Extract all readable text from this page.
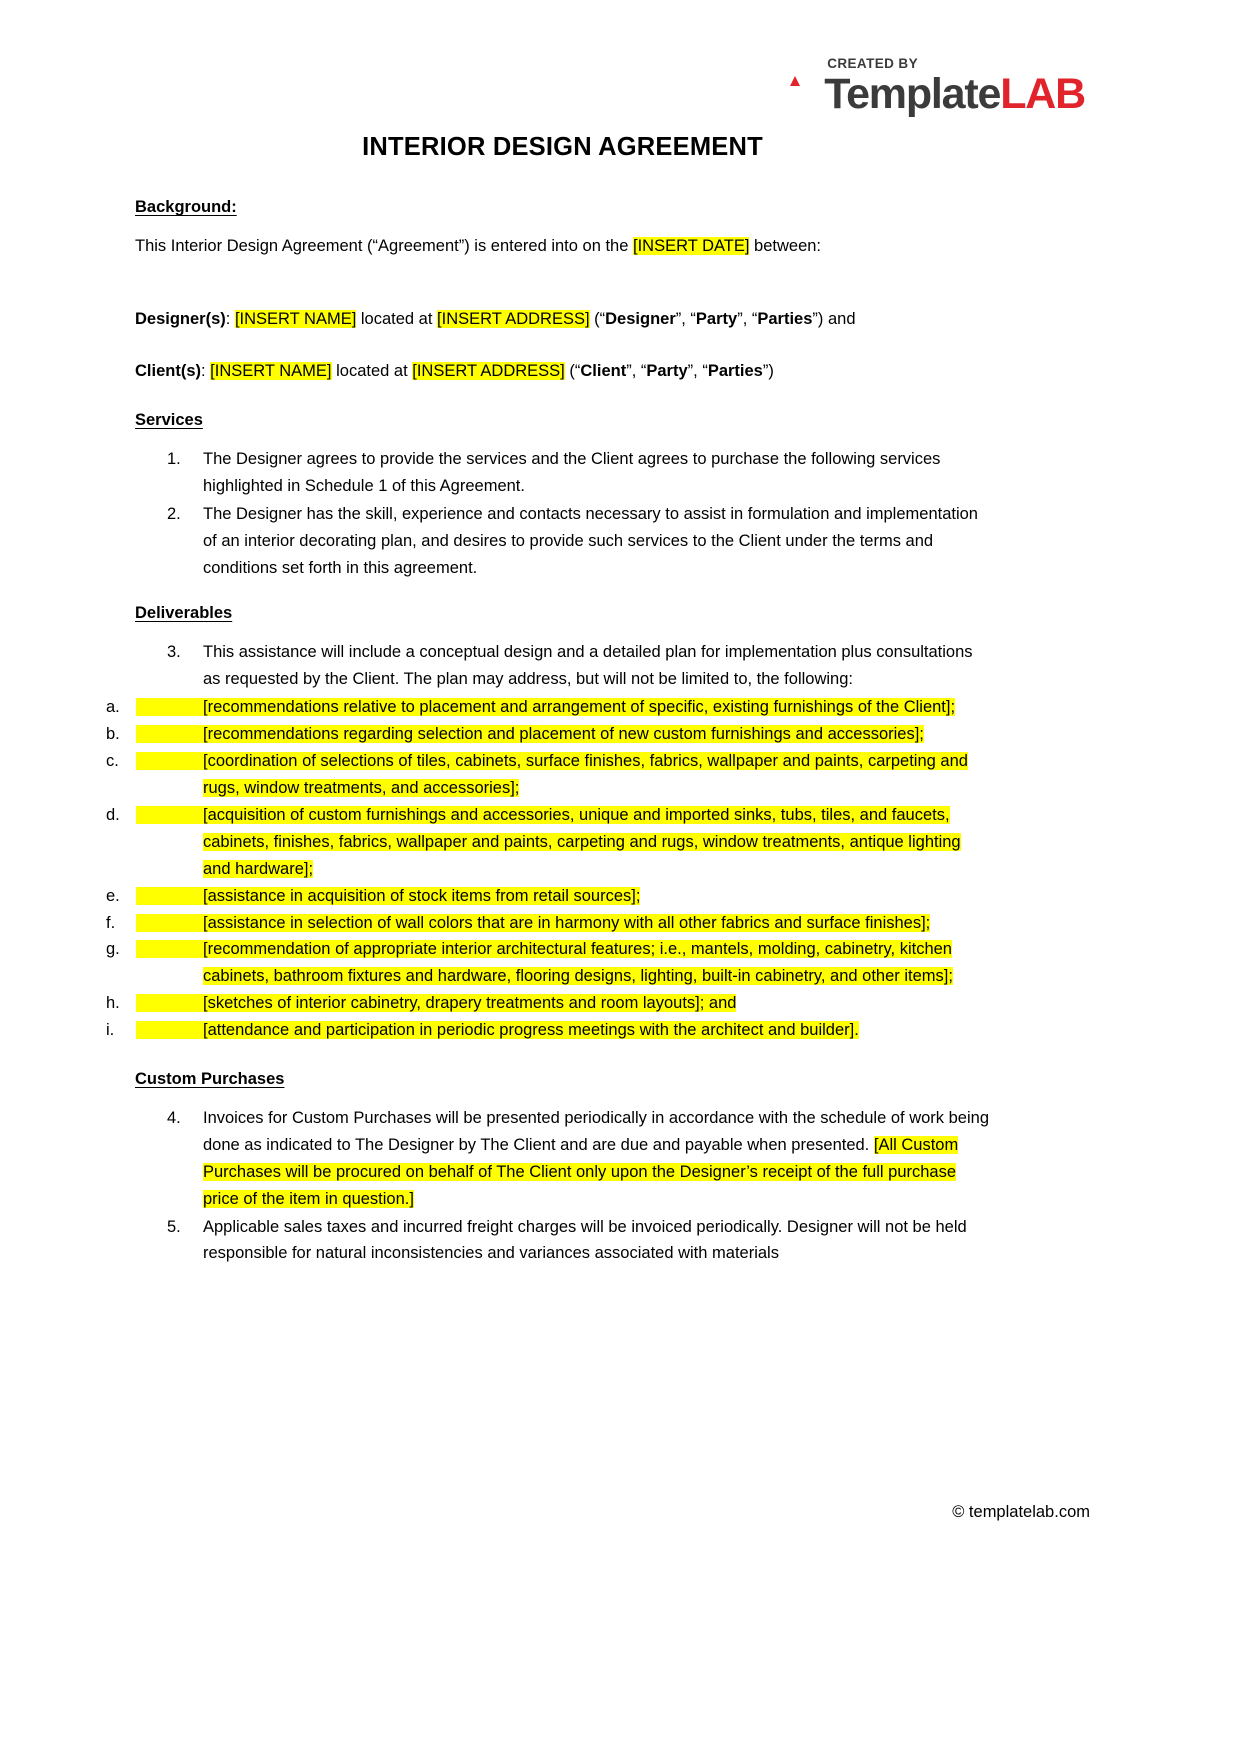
CREATED BY
TemplateLAB
INTERIOR DESIGN AGREEMENT
Background:

This Interior Design Agreement (“Agreement”) is entered into on the [INSERT DATE] between:

Designer(s): [INSERT NAME] located at [INSERT ADDRESS] (“Designer”, “Party”, “Parties”) and

Client(s): [INSERT NAME] located at [INSERT ADDRESS] (“Client”, “Party”, “Parties”)

Services
1.	The Designer agrees to provide the services and the Client agrees to purchase the following services highlighted in Schedule 1 of this Agreement.
2.	The Designer has the skill, experience and contacts necessary to assist in formulation and implementation of an interior decorating plan, and desires to provide such services to the Client under the terms and conditions set forth in this agreement.
Deliverables
3.	This assistance will include a conceptual design and a detailed plan for implementation plus consultations as requested by the Client. The plan may address, but will not be limited to, the following:
a.	[recommendations relative to placement and arrangement of specific, existing furnishings of the Client];
b.	[recommendations regarding selection and placement of new custom furnishings and accessories];
c.	[coordination of selections of tiles, cabinets, surface finishes, fabrics, wallpaper and paints, carpeting and rugs, window treatments, and accessories];
d.	[acquisition of custom furnishings and accessories, unique and imported sinks, tubs, tiles, and faucets, cabinets, finishes, fabrics, wallpaper and paints, carpeting and rugs, window treatments, antique lighting and hardware];
e.	[assistance in acquisition of stock items from retail sources];
f.	[assistance in selection of wall colors that are in harmony with all other fabrics and surface finishes];
g.	[recommendation of appropriate interior architectural features; i.e., mantels, molding, cabinetry, kitchen cabinets, bathroom fixtures and hardware, flooring designs, lighting, built-in cabinetry, and other items];
h.	[sketches of interior cabinetry, drapery treatments and room layouts]; and
i.	[attendance and participation in periodic progress meetings with the architect and builder].
Custom Purchases
4.	Invoices for Custom Purchases will be presented periodically in accordance with the schedule of work being done as indicated to The Designer by The Client and are due and payable when presented. [All Custom Purchases will be procured on behalf of The Client only upon the Designer’s receipt of the full purchase price of the item in question.]
5.	Applicable sales taxes and incurred freight charges will be invoiced periodically. Designer will not be held responsible for natural inconsistencies and variances associated with materials
© templatelab.com
